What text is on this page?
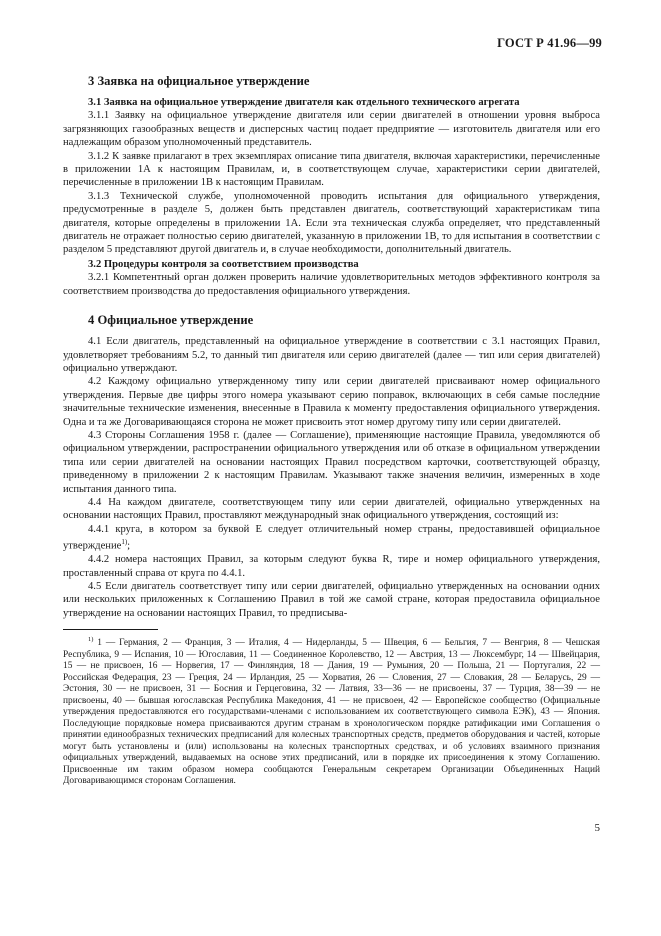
ГОСТ Р 41.96—99
3 Заявка на официальное утверждение
3.1 Заявка на официальное утверждение двигателя как отдельного технического агрегата

3.1.1 Заявку на официальное утверждение двигателя или серии двигателей в отношении уровня выброса загрязняющих газообразных веществ и дисперсных частиц подает предприятие — изготовитель двигателя или его надлежащим образом уполномоченный представитель.

3.1.2 К заявке прилагают в трех экземплярах описание типа двигателя, включая характеристики, перечисленные в приложении 1А к настоящим Правилам, и, в соответствующем случае, характеристики серии двигателей, перечисленные в приложении 1В к настоящим Правилам.

3.1.3 Технической службе, уполномоченной проводить испытания для официального утверждения, предусмотренные в разделе 5, должен быть представлен двигатель, соответствующий характеристикам типа двигателя, которые определены в приложении 1А. Если эта техническая служба определяет, что представленный двигатель не отражает полностью серию двигателей, указанную в приложении 1В, то для испытания в соответствии с разделом 5 представляют другой двигатель и, в случае необходимости, дополнительный двигатель.

3.2 Процедуры контроля за соответствием производства

3.2.1 Компетентный орган должен проверить наличие удовлетворительных методов эффективного контроля за соответствием производства до предоставления официального утверждения.

4 Официальное утверждение

4.1 Если двигатель, представленный на официальное утверждение в соответствии с 3.1 настоящих Правил, удовлетворяет требованиям 5.2, то данный тип двигателя или серию двигателей (далее — тип или серия двигателей) официально утверждают.

4.2 Каждому официально утвержденному типу или серии двигателей присваивают номер официального утверждения. Первые две цифры этого номера указывают серию поправок, включающих в себя самые последние значительные технические изменения, внесенные в Правила к моменту предоставления официального утверждения. Одна и та же Договаривающаяся сторона не может присвоить этот номер другому типу или серии двигателей.

4.3 Стороны Соглашения 1958 г. (далее — Соглашение), применяющие настоящие Правила, уведомляются об официальном утверждении, распространении официального утверждения или об отказе в официальном утверждении типа или серии двигателей на основании настоящих Правил посредством карточки, соответствующей образцу, приведенному в приложении 2 к настоящим Правилам. Указывают также значения величин, измеренных в ходе испытания данного типа.

4.4 На каждом двигателе, соответствующем типу или серии двигателей, официально утвержденных на основании настоящих Правил, проставляют международный знак официального утверждения, состоящий из:

4.4.1 круга, в котором за буквой Е следует отличительный номер страны, предоставившей официальное утверждение$^{1)}$;

4.4.2 номера настоящих Правил, за которым следуют буква R, тире и номер официального утверждения, проставленный справа от круга по 4.4.1.

4.5 Если двигатель соответствует типу или серии двигателей, официально утвержденных на основании одних или нескольких приложенных к Соглашению Правил в той же самой стране, которая предоставила официальное утверждение на основании настоящих Правил, то предписыва-

$^{1)}$ 1 — Германия, 2 — Франция, 3 — Италия, 4 — Нидерланды, 5 — Швеция, 6 — Бельгия, 7 — Венгрия, 8 — Чешская Республика, 9 — Испания, 10 — Югославия, 11 — Соединенное Королевство, 12 — Австрия, 13 — Люксембург, 14 — Швейцария, 15 — не присвоен, 16 — Норвегия, 17 — Финляндия, 18 — Дания, 19 — Румыния, 20 — Польша, 21 — Португалия, 22 — Российская Федерация, 23 — Греция, 24 — Ирландия, 25 — Хорватия, 26 — Словения, 27 — Словакия, 28 — Беларусь, 29 — Эстония, 30 — не присвоен, 31 — Босния и Герцеговина, 32 — Латвия, 33—36 — не присвоены, 37 — Турция, 38—39 — не присвоены, 40 — бывшая югославская Республика Македония, 41 — не присвоен, 42 — Европейское сообщество (Официальные утверждения предоставляются его государствами-членами с использованием их соответствующего символа ЕЭК), 43 — Япония. Последующие порядковые номера присваиваются другим странам в хронологическом порядке ратификации ими Соглашения о принятии единообразных технических предписаний для колесных транспортных средств, предметов оборудования и частей, которые могут быть установлены и (или) использованы на колесных транспортных средствах, и об условиях взаимного признания официальных утверждений, выдаваемых на основе этих предписаний, или в порядке их присоединения к этому Соглашению. Присвоенные им таким образом номера сообщаются Генеральным секретарем Организации Объединенных Наций Договаривающимся сторонам Соглашения.

5
